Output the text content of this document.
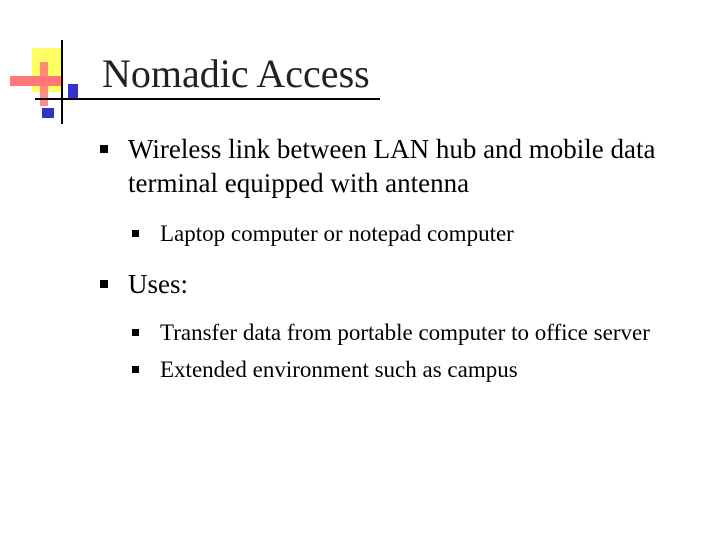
Nomadic Access
Wireless link between LAN hub and mobile data terminal equipped with antenna
Laptop computer or notepad computer
Uses:
Transfer data from portable computer to office server
Extended environment such as campus
